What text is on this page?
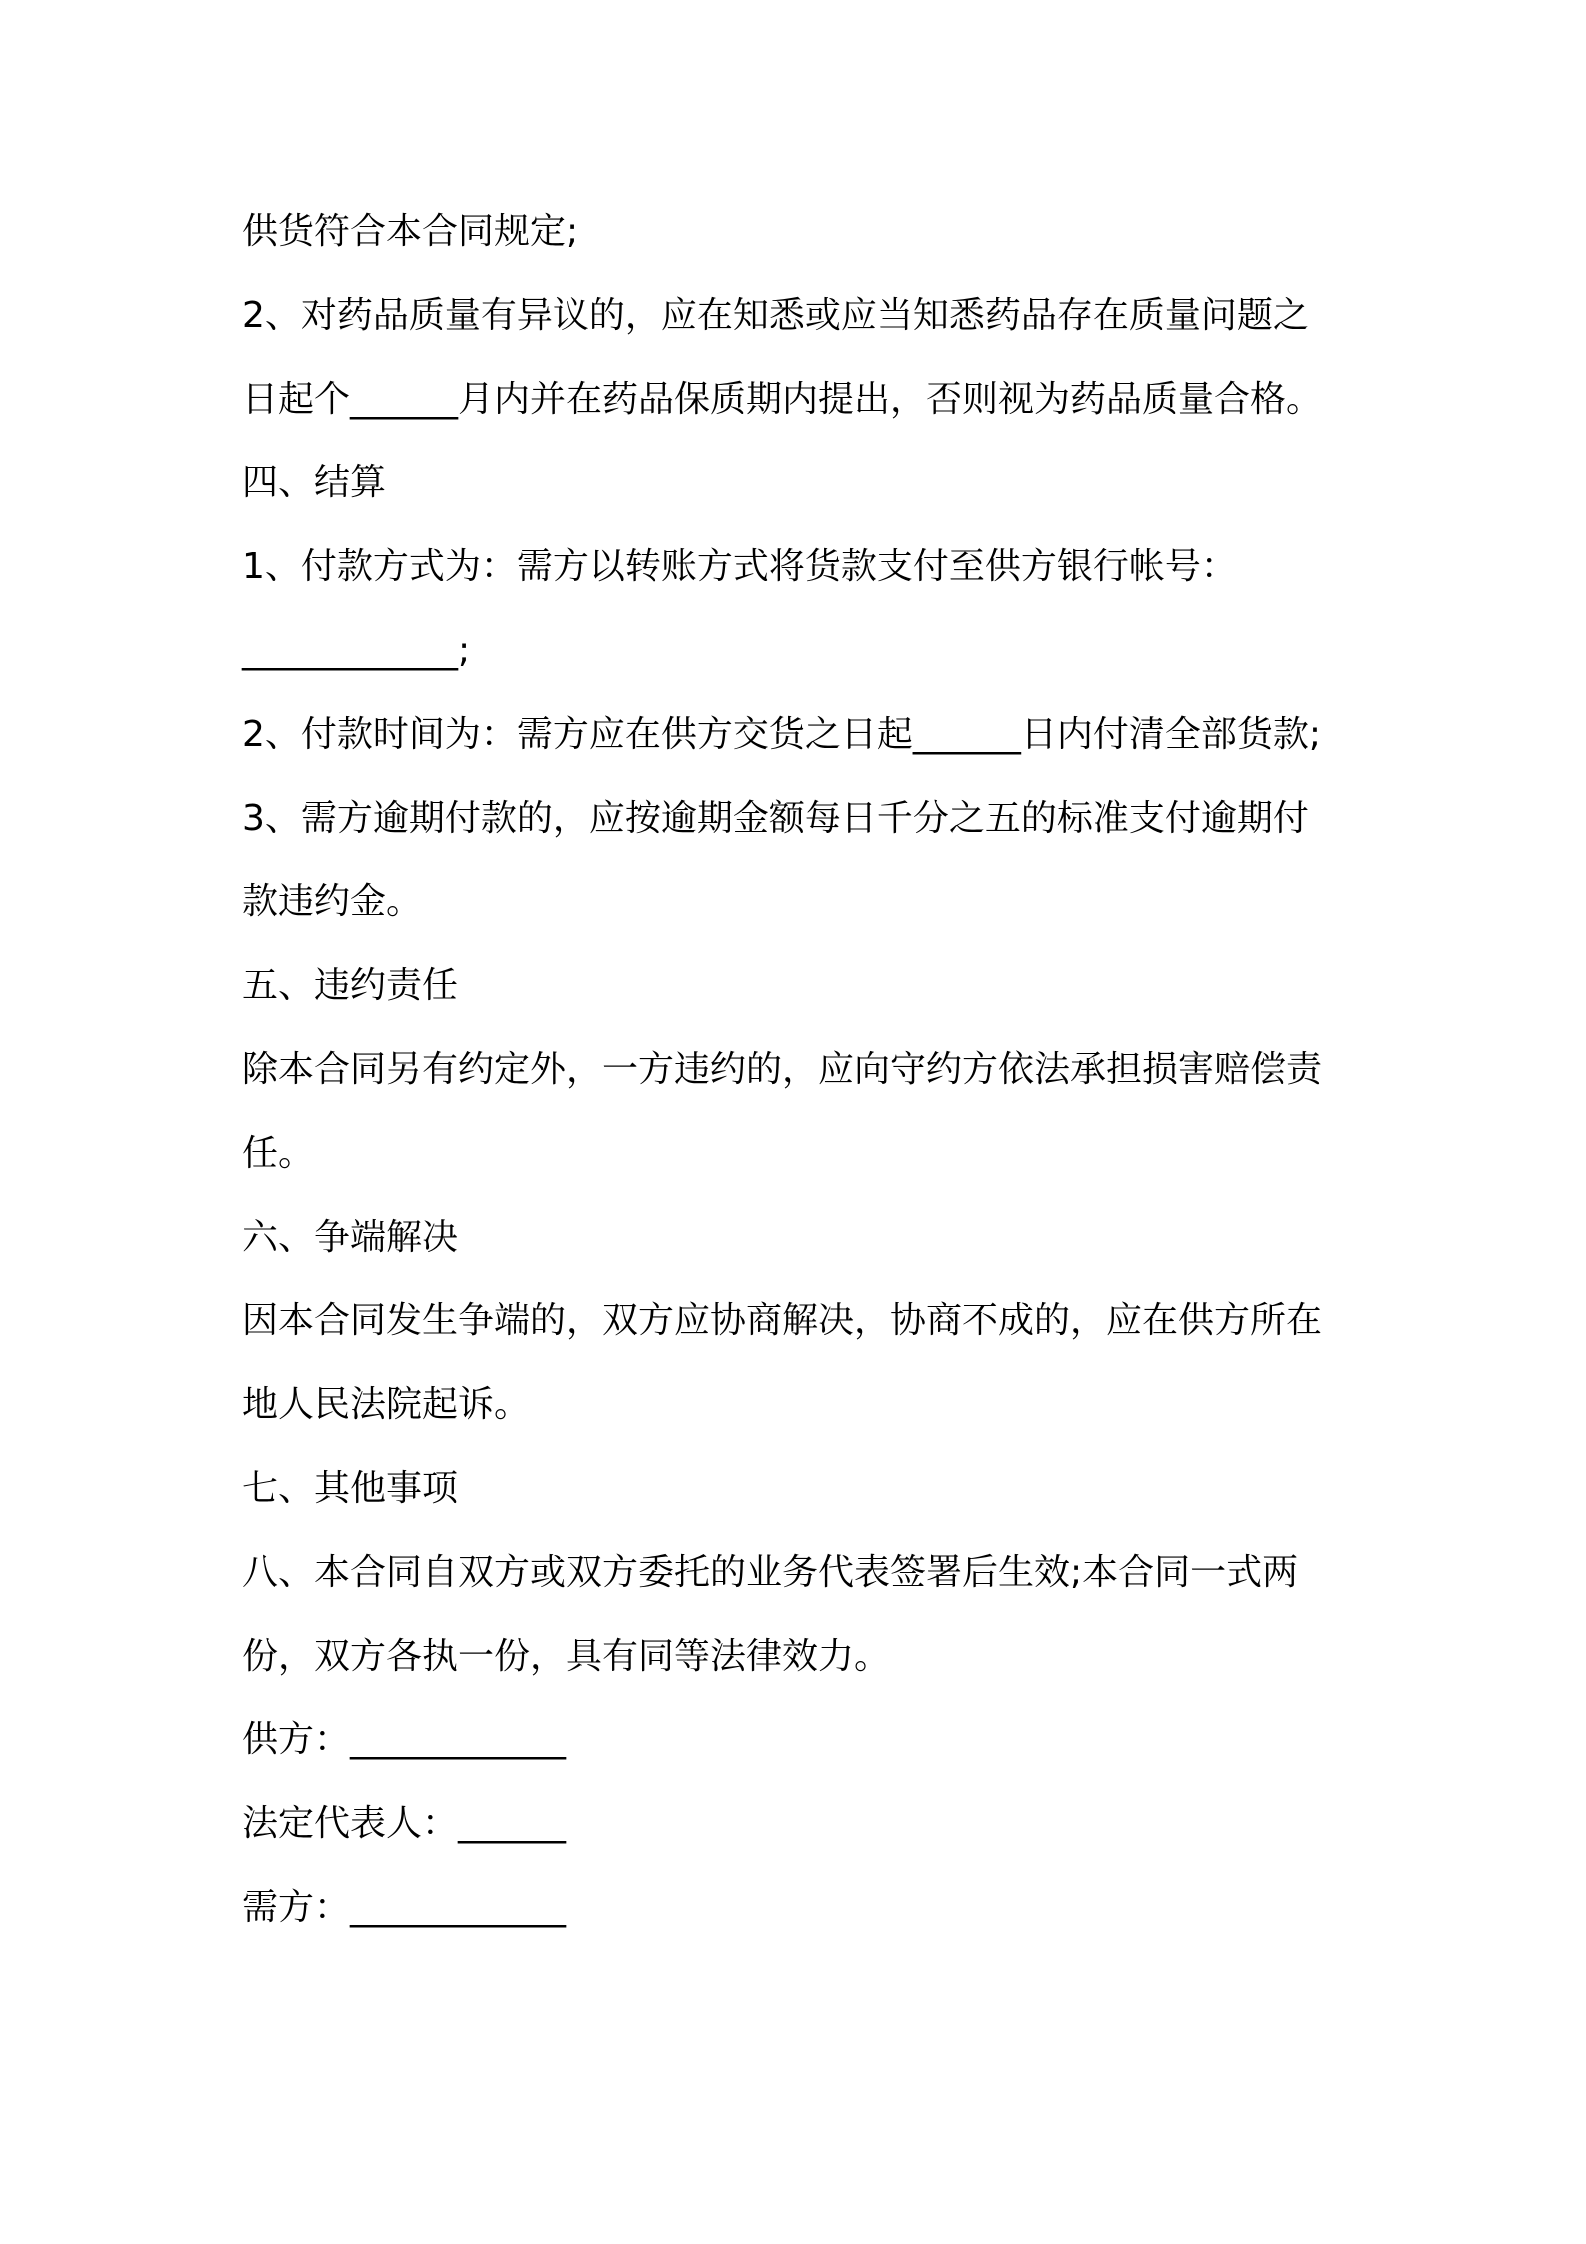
供货符合本合同规定;
2、对药品质量有异议的，应在知悉或应当知悉药品存在质量问题之
日起个______月内并在药品保质期内提出，否则视为药品质量合格。
四、结算
1、付款方式为：需方以转账方式将货款支付至供方银行帐号：
____________;
2、付款时间为：需方应在供方交货之日起______日内付清全部货款;
3、需方逾期付款的，应按逾期金额每日千分之五的标准支付逾期付
款违约金。
五、违约责任
除本合同另有约定外，一方违约的，应向守约方依法承担损害赔偿责
任。
六、争端解决
因本合同发生争端的，双方应协商解决，协商不成的，应在供方所在
地人民法院起诉。
七、其他事项
八、本合同自双方或双方委托的业务代表签署后生效;本合同一式两
份，双方各执一份，具有同等法律效力。
供方：____________
法定代表人：______
需方：____________
